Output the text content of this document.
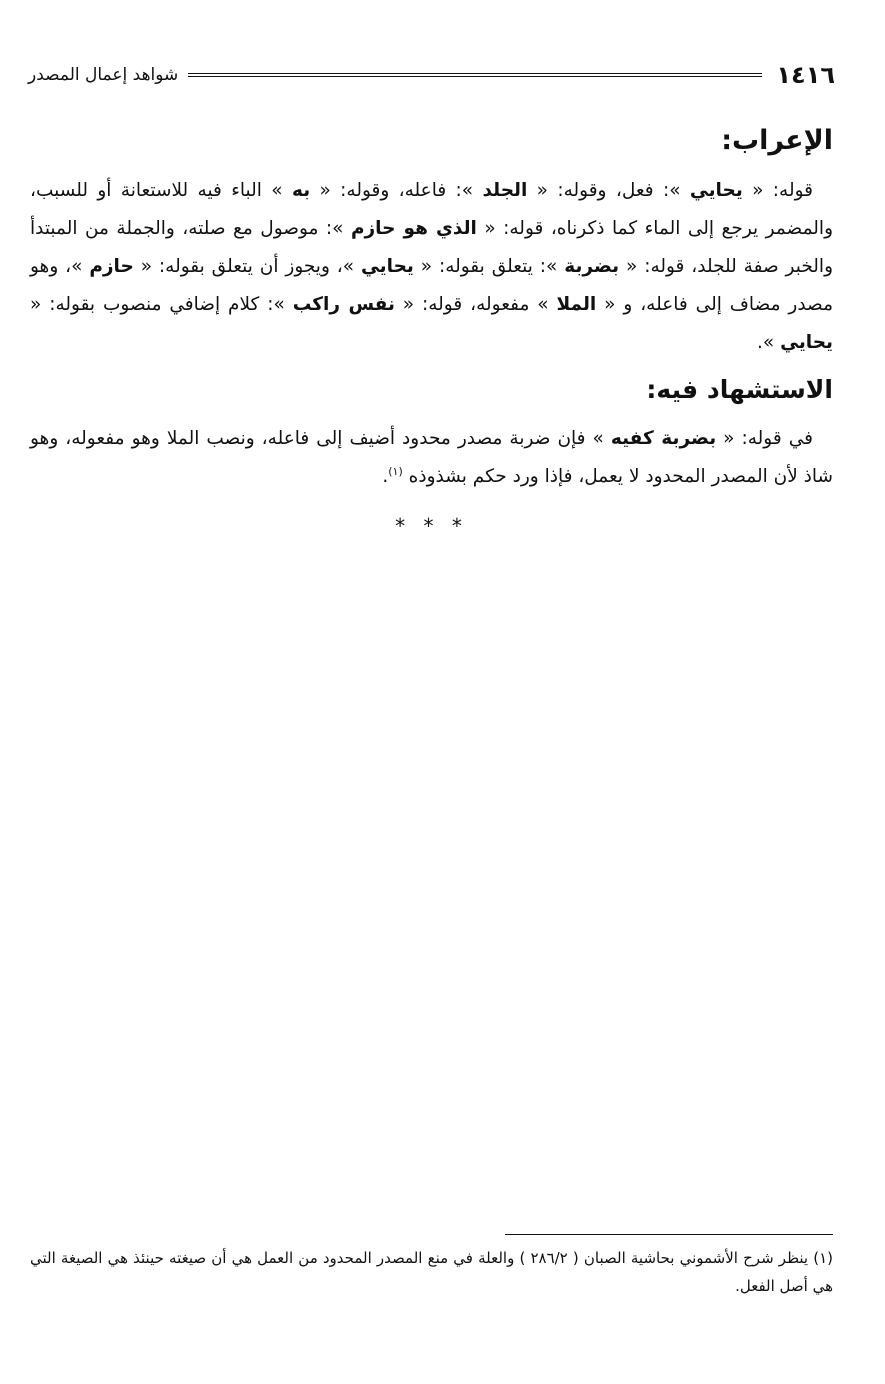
١٤١٦
شواهد إعمال المصدر
الإعراب:

قوله: « يحايي »: فعل، وقوله: « الجلد »: فاعله، وقوله: « به » الباء فيه للاستعانة أو للسبب، والمضمر يرجع إلى الماء كما ذكرناه، قوله: « الذي هو حازم »: موصول مع صلته، والجملة من المبتدأ والخبر صفة للجلد، قوله: « بضربة »: يتعلق بقوله: « يحايي »، ويجوز أن يتعلق بقوله: « حازم »، وهو مصدر مضاف إلى فاعله، و « الملا » مفعوله، قوله: « نفس راكب »: كلام إضافي منصوب بقوله: « يحايي ».

الاستشهاد فيه:

في قوله: « بضربة كفيه » فإن ضربة مصدر محدود أضيف إلى فاعله، ونصب الملا وهو مفعوله، وهو شاذ لأن المصدر المحدود لا يعمل، فإذا ورد حكم بشذوذه $^{(١)}$.

* * *
(١) ينظر شرح الأشموني بحاشية الصبان ( ٢٨٦/٢ ) والعلة في منع المصدر المحدود من العمل هي أن صيغته حينئذ هي الصيغة التي هي أصل الفعل.
